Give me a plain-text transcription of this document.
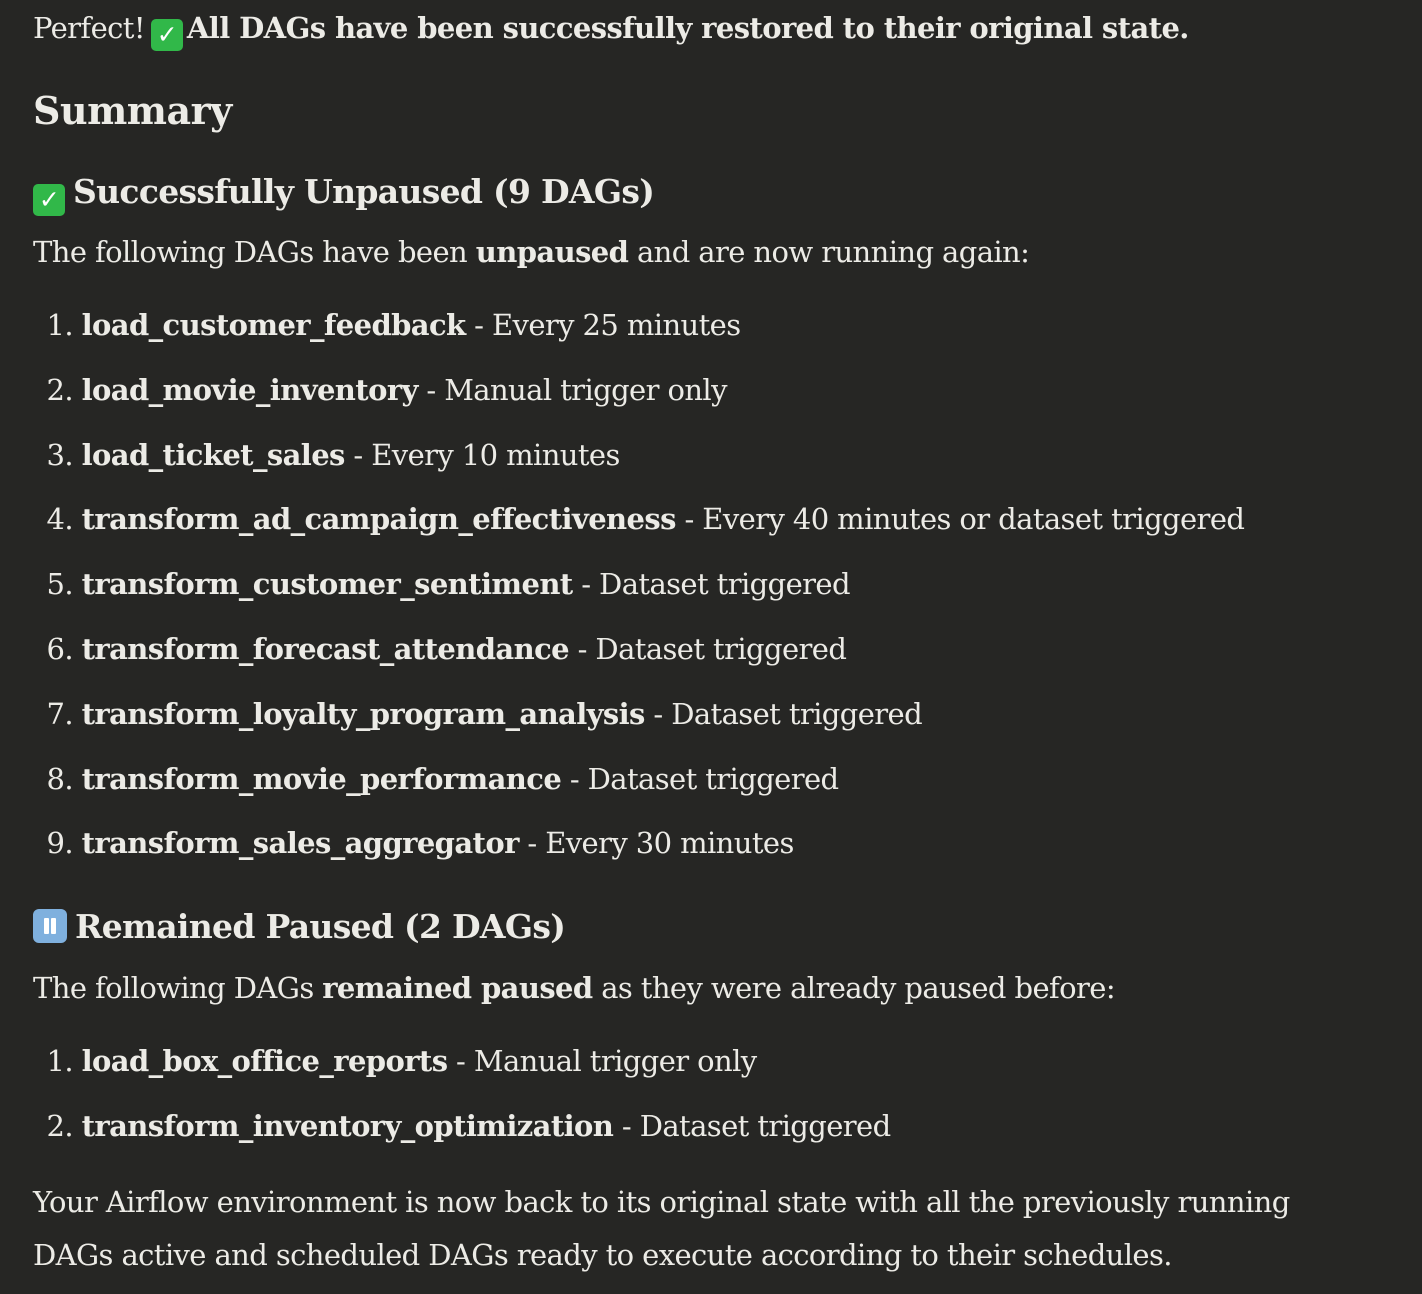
Perfect! ✓ All DAGs have been successfully restored to their original state.
Summary
✓ Successfully Unpaused (9 DAGs)

The following DAGs have been unpaused and are now running again:

1. load_customer_feedback - Every 25 minutes
2. load_movie_inventory - Manual trigger only
3. load_ticket_sales - Every 10 minutes
4. transform_ad_campaign_effectiveness - Every 40 minutes or dataset triggered
5. transform_customer_sentiment - Dataset triggered
6. transform_forecast_attendance - Dataset triggered
7. transform_loyalty_program_analysis - Dataset triggered
8. transform_movie_performance - Dataset triggered
9. transform_sales_aggregator - Every 30 minutes
Remained Paused (2 DAGs)

The following DAGs remained paused as they were already paused before:

1. load_box_office_reports - Manual trigger only
2. transform_inventory_optimization - Dataset triggered

Your Airflow environment is now back to its original state with all the previously running DAGs active and scheduled DAGs ready to execute according to their schedules.
